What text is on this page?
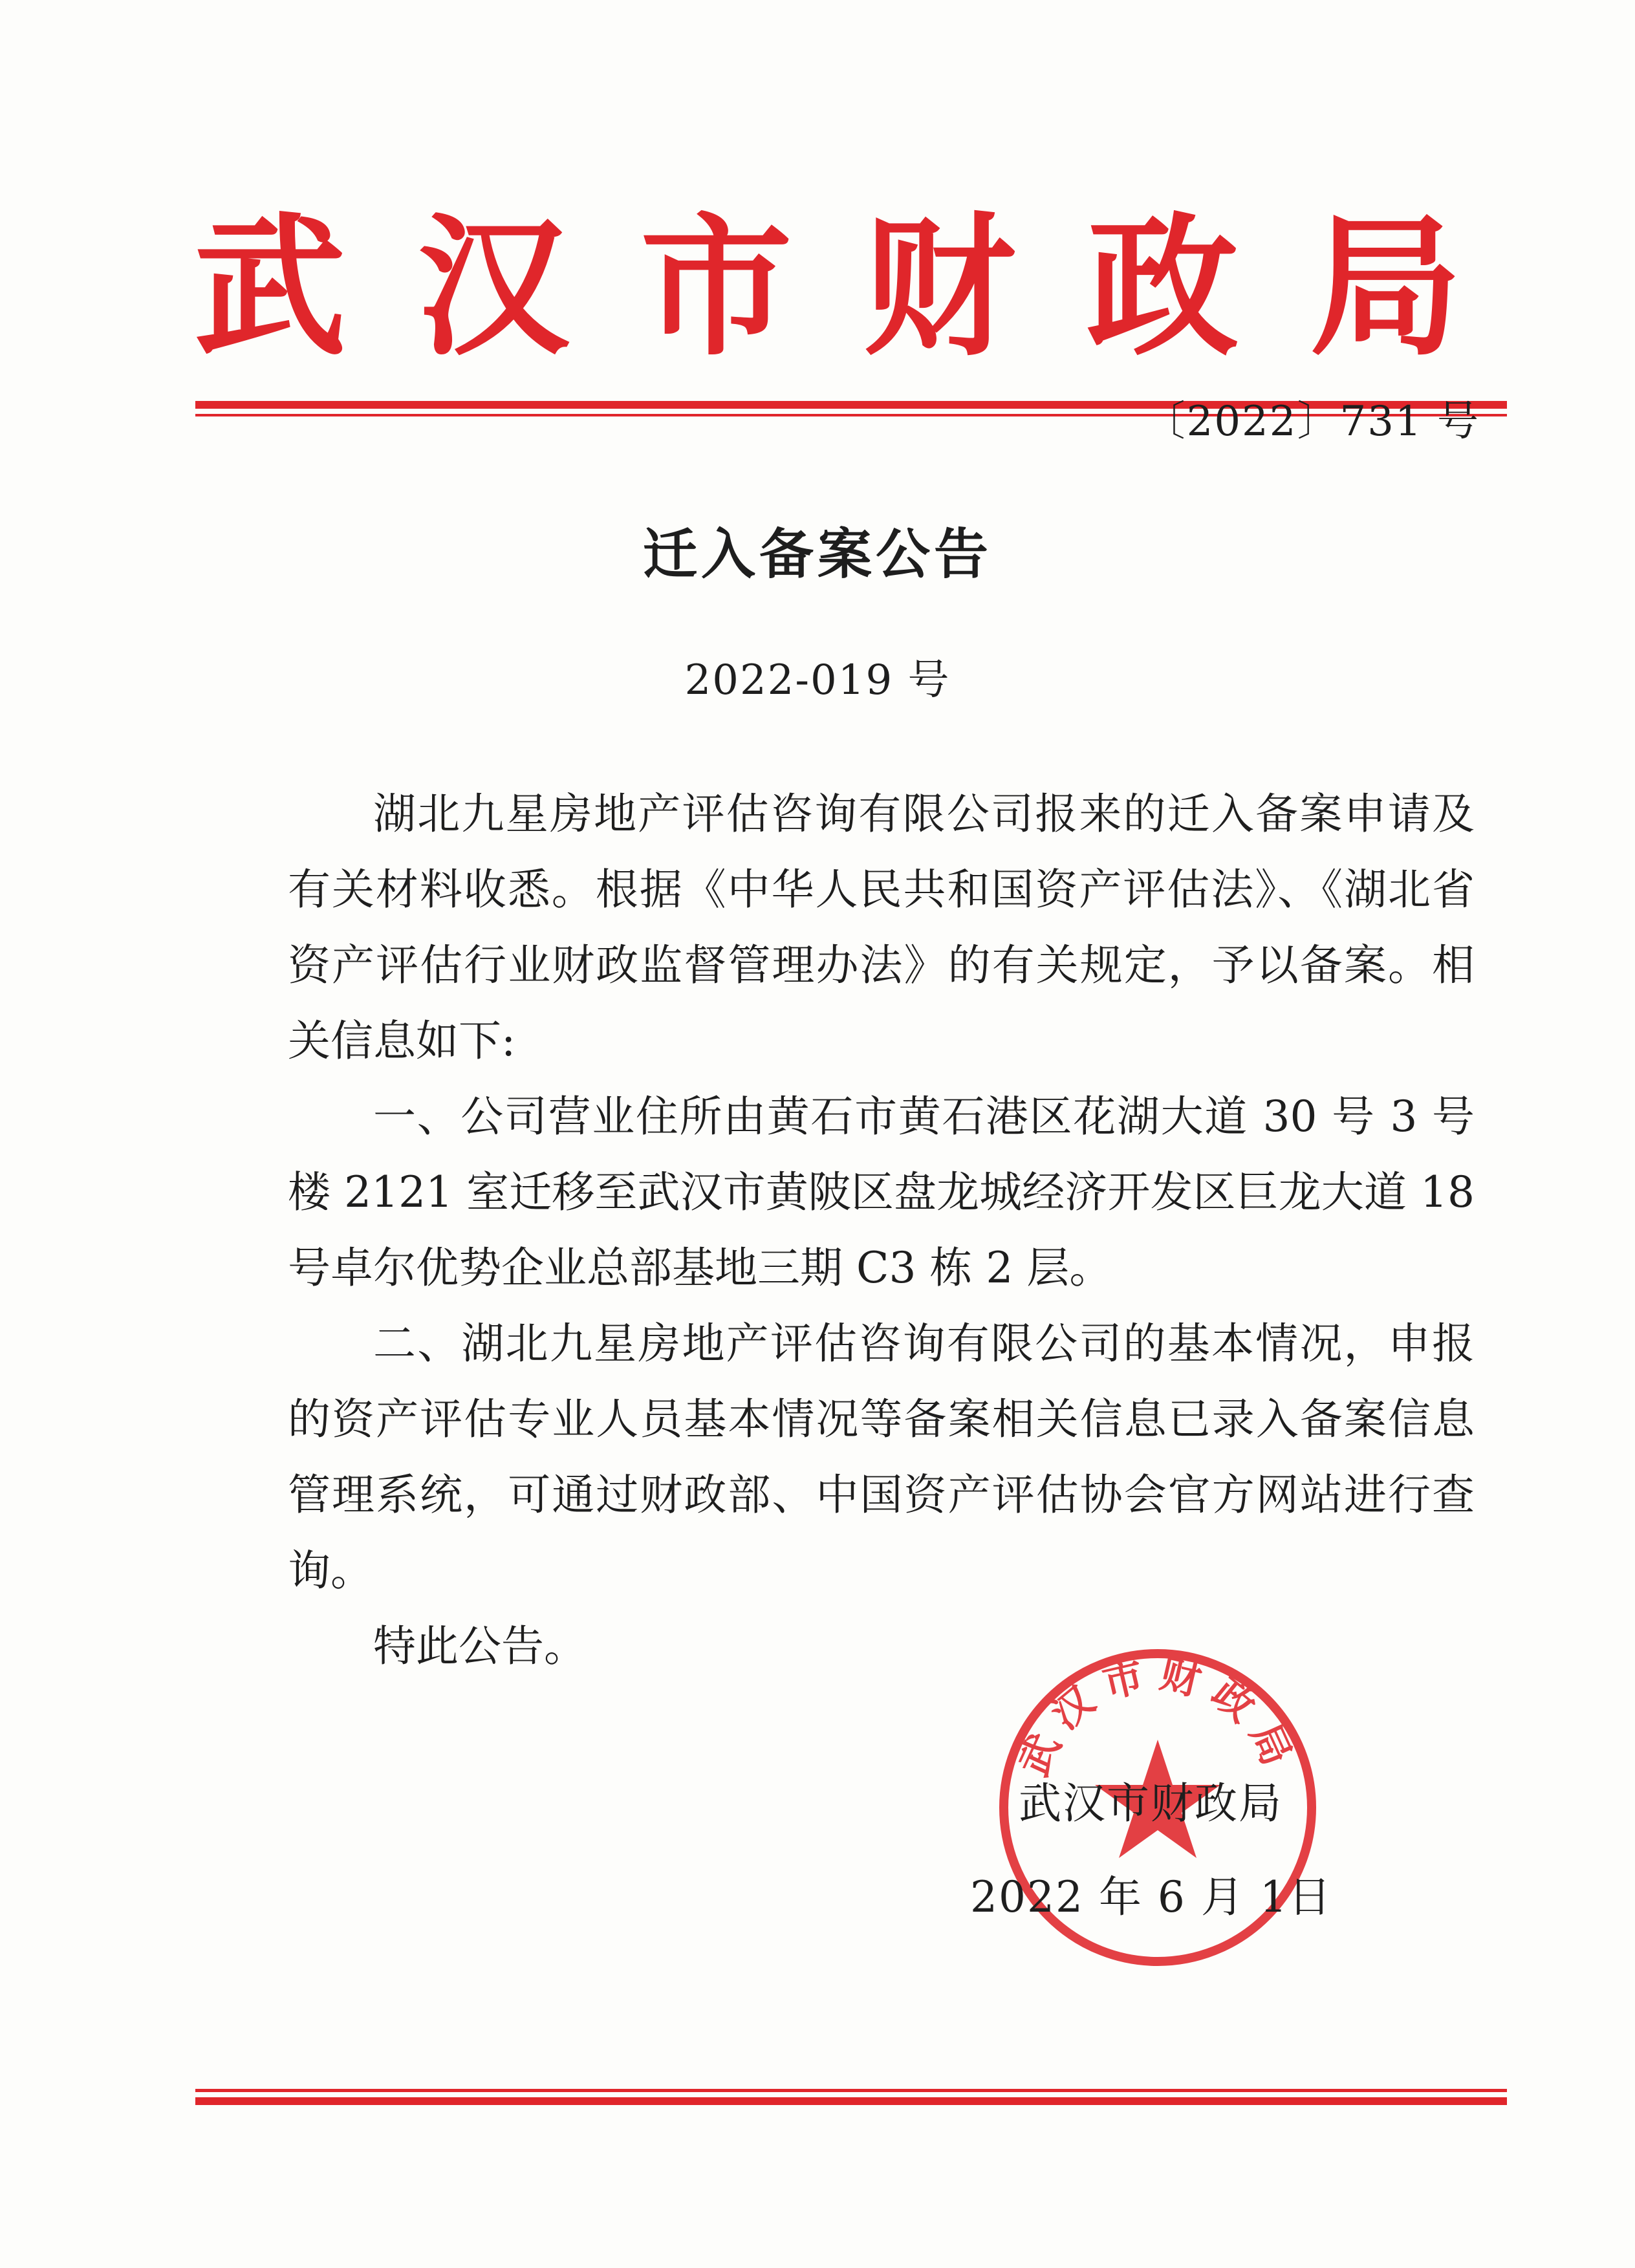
武 汉 市 财 政 局
〔2022〕731 号
迁入备案公告
2022-019 号

湖北九星房地产评估咨询有限公司报来的迁入备案申请及有关材料收悉。根据《中华人民共和国资产评估法》、《湖北省资产评估行业财政监督管理办法》的有关规定，予以备案。相关信息如下:

一、公司营业住所由黄石市黄石港区花湖大道 30 号 3 号楼 2121 室迁移至武汉市黄陂区盘龙城经济开发区巨龙大道 18 号卓尔优势企业总部基地三期 C3 栋 2 层。

二、湖北九星房地产评估咨询有限公司的基本情况，申报的资产评估专业人员基本情况等备案相关信息已录入备案信息管理系统，可通过财政部、中国资产评估协会官方网站进行查询。

特此公告。

武汉市财政局
武汉市财政局
2022 年 6 月 1日
